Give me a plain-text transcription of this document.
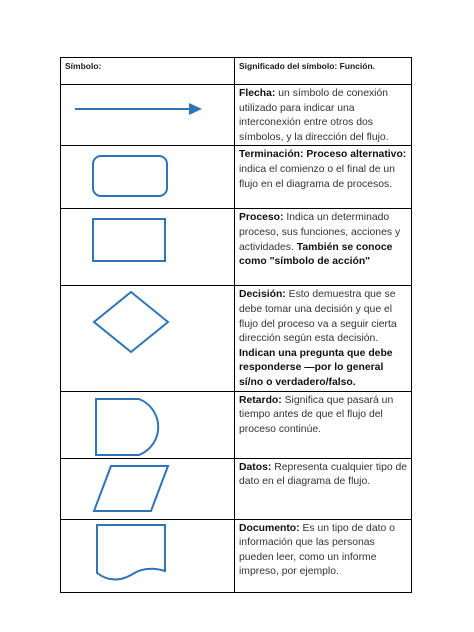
Símbolo:	Significado del símbolo: Función.

	Flecha: un símbolo de conexión utilizado para indicar una interconexión entre otros dos símbolos, y la dirección del flujo.

	Terminación: Proceso alternativo: indica el comienzo o el final de un flujo en el diagrama de procesos.

	Proceso: Indica un determinado proceso, sus funciones, acciones y actividades. También se conoce como "símbolo de acción"

	Decisión: Esto demuestra que se debe tomar una decisión y que el flujo del proceso va a seguir cierta dirección según esta decisión. Indican una pregunta que debe responderse —por lo general sí/no o verdadero/falso.

	Retardo: Significa que pasará un tiempo antes de que el flujo del proceso continúe.

	Datos: Representa cualquier tipo de dato en el diagrama de flujo.

	Documento: Es un tipo de dato o información que las personas pueden leer, como un informe impreso, por ejemplo.
